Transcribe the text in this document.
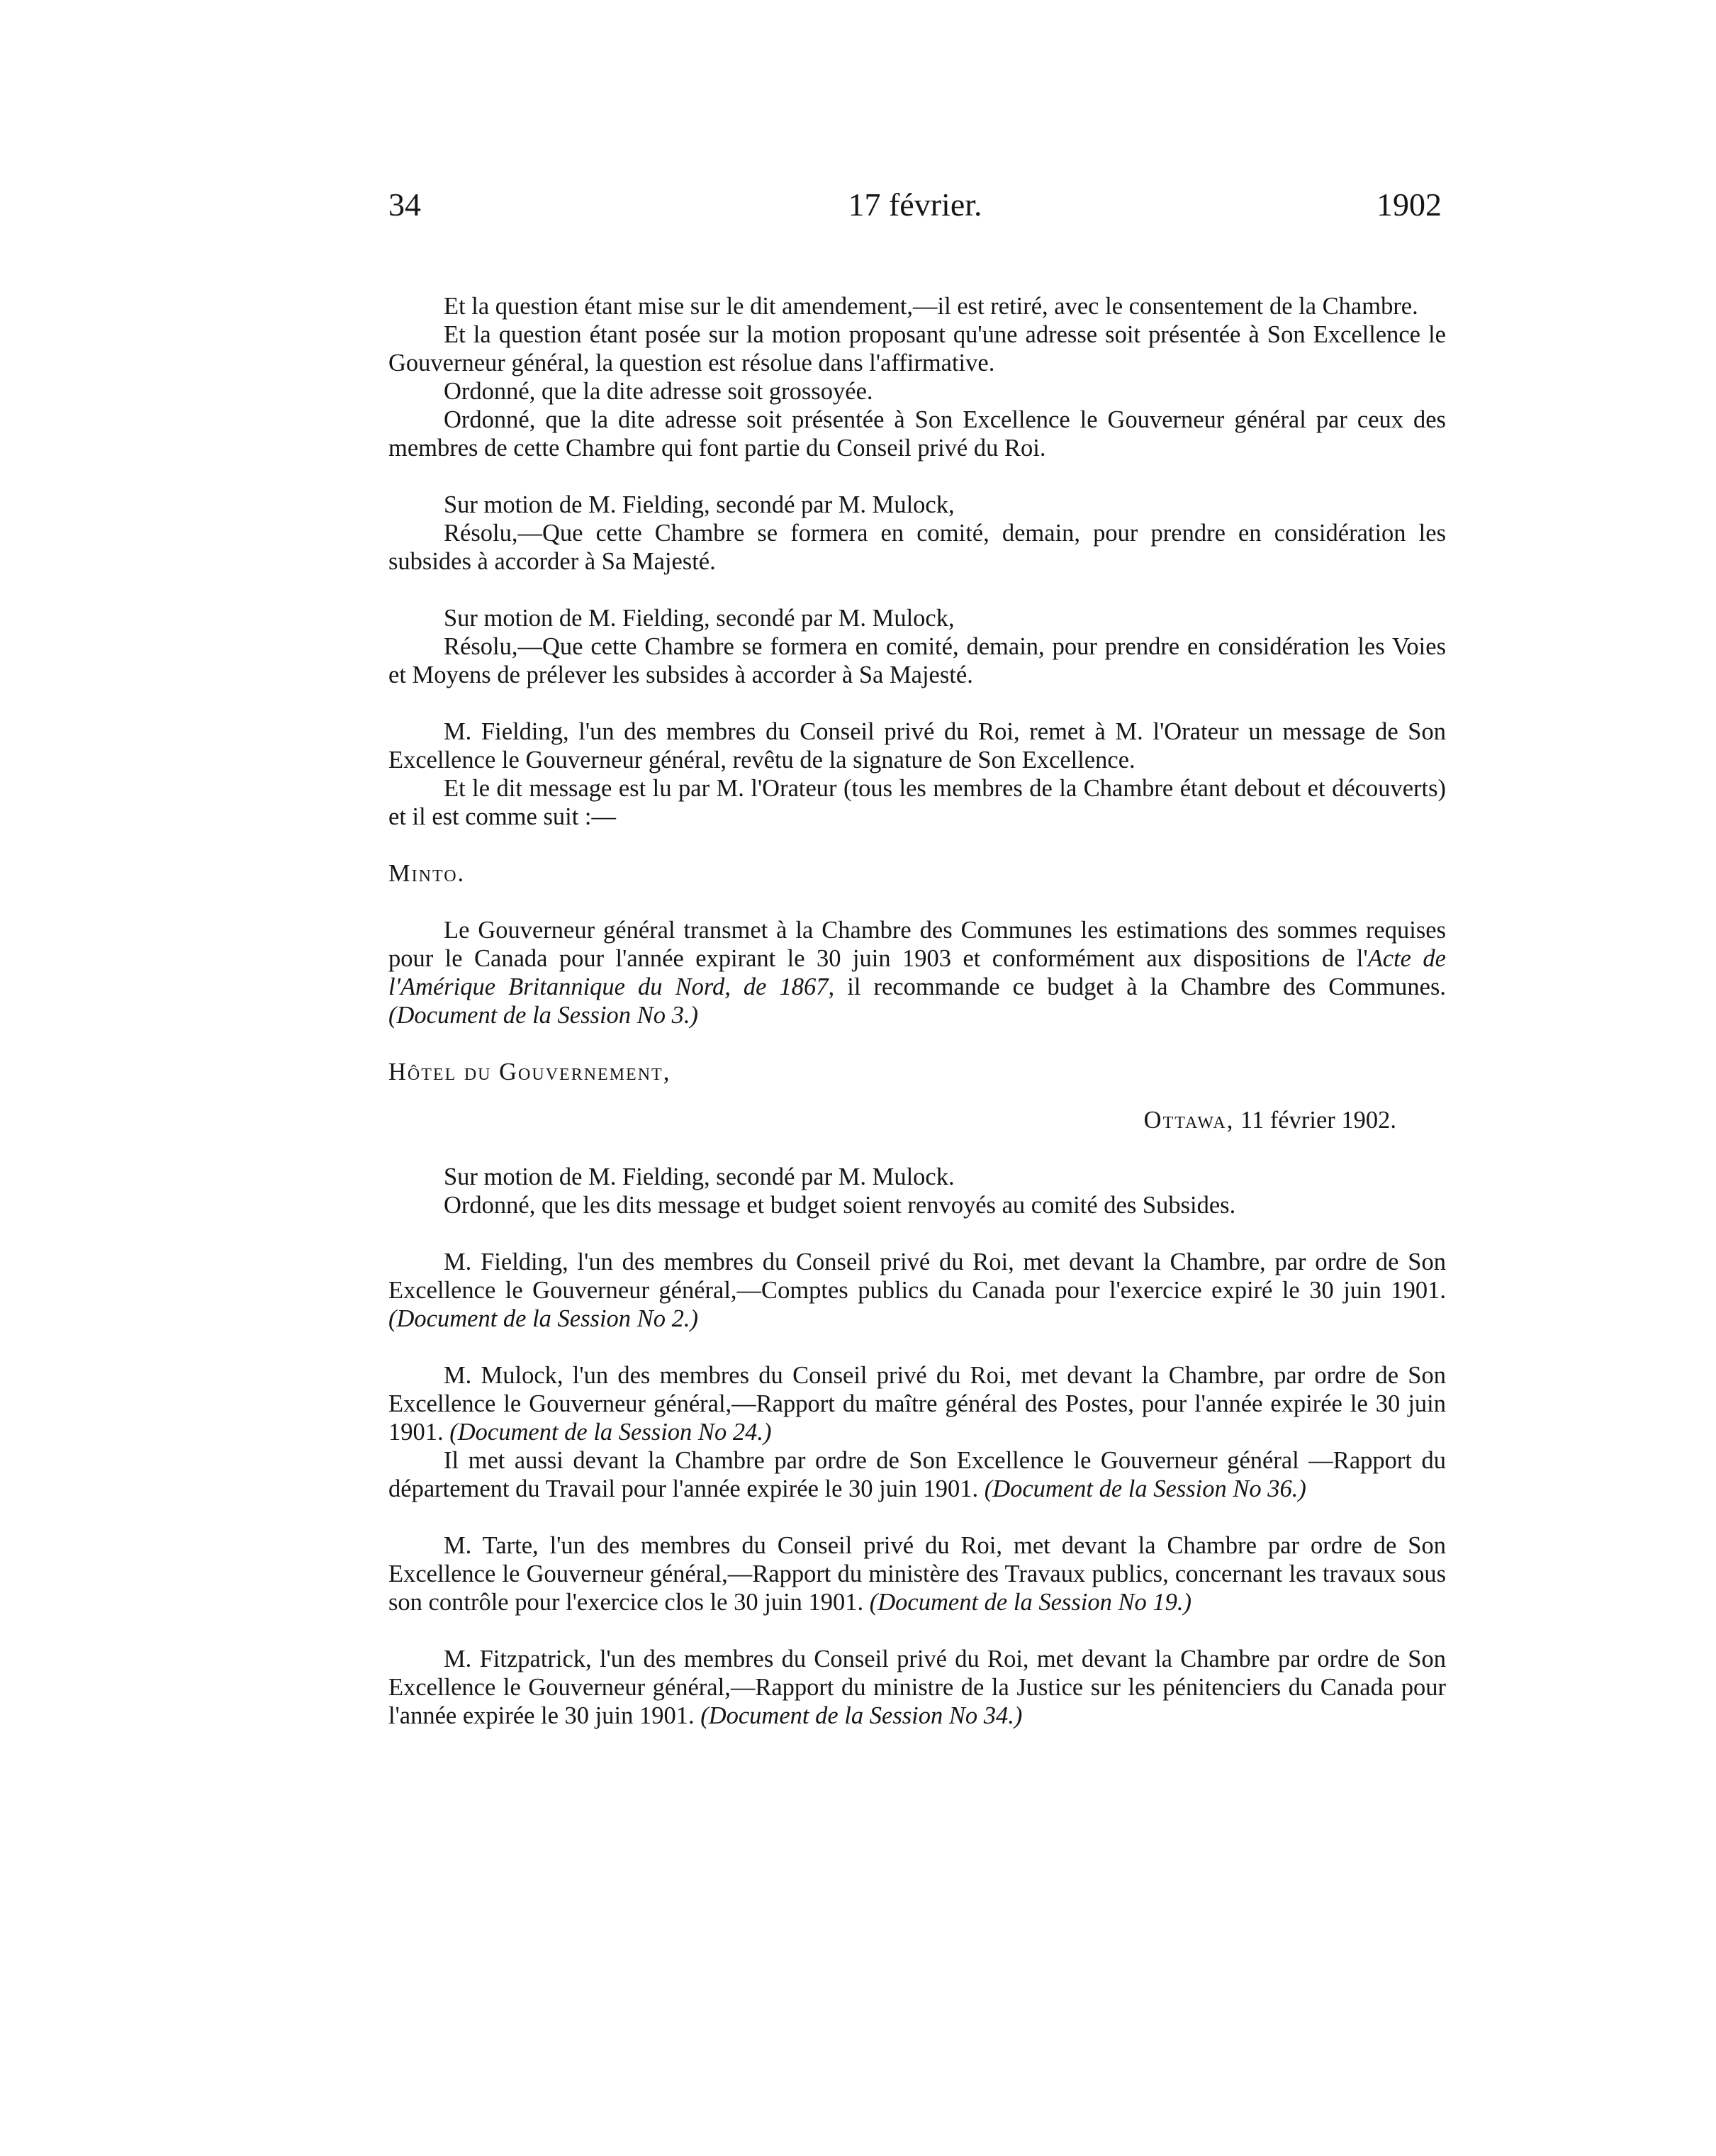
34	17 février.	1902

Et la question étant mise sur le dit amendement,—il est retiré, avec le consentement de la Chambre.

Et la question étant posée sur la motion proposant qu'une adresse soit présentée à Son Excellence le Gouverneur général, la question est résolue dans l'affirmative.

Ordonné, que la dite adresse soit grossoyée.

Ordonné, que la dite adresse soit présentée à Son Excellence le Gouverneur général par ceux des membres de cette Chambre qui font partie du Conseil privé du Roi.

Sur motion de M. Fielding, secondé par M. Mulock,

Résolu,—Que cette Chambre se formera en comité, demain, pour prendre en considération les subsides à accorder à Sa Majesté.

Sur motion de M. Fielding, secondé par M. Mulock,

Résolu,—Que cette Chambre se formera en comité, demain, pour prendre en considération les Voies et Moyens de prélever les subsides à accorder à Sa Majesté.

M. Fielding, l'un des membres du Conseil privé du Roi, remet à M. l'Orateur un message de Son Excellence le Gouverneur général, revêtu de la signature de Son Excellence.

Et le dit message est lu par M. l'Orateur (tous les membres de la Chambre étant debout et découverts) et il est comme suit :—

Minto.

Le Gouverneur général transmet à la Chambre des Communes les estimations des sommes requises pour le Canada pour l'année expirant le 30 juin 1903 et conformément aux dispositions de l'Acte de l'Amérique Britannique du Nord, de 1867, il recommande ce budget à la Chambre des Communes. (Document de la Session No 3.)

Hôtel du Gouvernement,

Ottawa, 11 février 1902.

Sur motion de M. Fielding, secondé par M. Mulock.

Ordonné, que les dits message et budget soient renvoyés au comité des Subsides.

M. Fielding, l'un des membres du Conseil privé du Roi, met devant la Chambre, par ordre de Son Excellence le Gouverneur général,—Comptes publics du Canada pour l'exercice expiré le 30 juin 1901. (Document de la Session No 2.)

M. Mulock, l'un des membres du Conseil privé du Roi, met devant la Chambre, par ordre de Son Excellence le Gouverneur général,—Rapport du maître général des Postes, pour l'année expirée le 30 juin 1901. (Document de la Session No 24.)

Il met aussi devant la Chambre par ordre de Son Excellence le Gouverneur général —Rapport du département du Travail pour l'année expirée le 30 juin 1901. (Document de la Session No 36.)

M. Tarte, l'un des membres du Conseil privé du Roi, met devant la Chambre par ordre de Son Excellence le Gouverneur général,—Rapport du ministère des Travaux publics, concernant les travaux sous son contrôle pour l'exercice clos le 30 juin 1901. (Document de la Session No 19.)

M. Fitzpatrick, l'un des membres du Conseil privé du Roi, met devant la Chambre par ordre de Son Excellence le Gouverneur général,—Rapport du ministre de la Justice sur les pénitenciers du Canada pour l'année expirée le 30 juin 1901. (Document de la Session No 34.)
